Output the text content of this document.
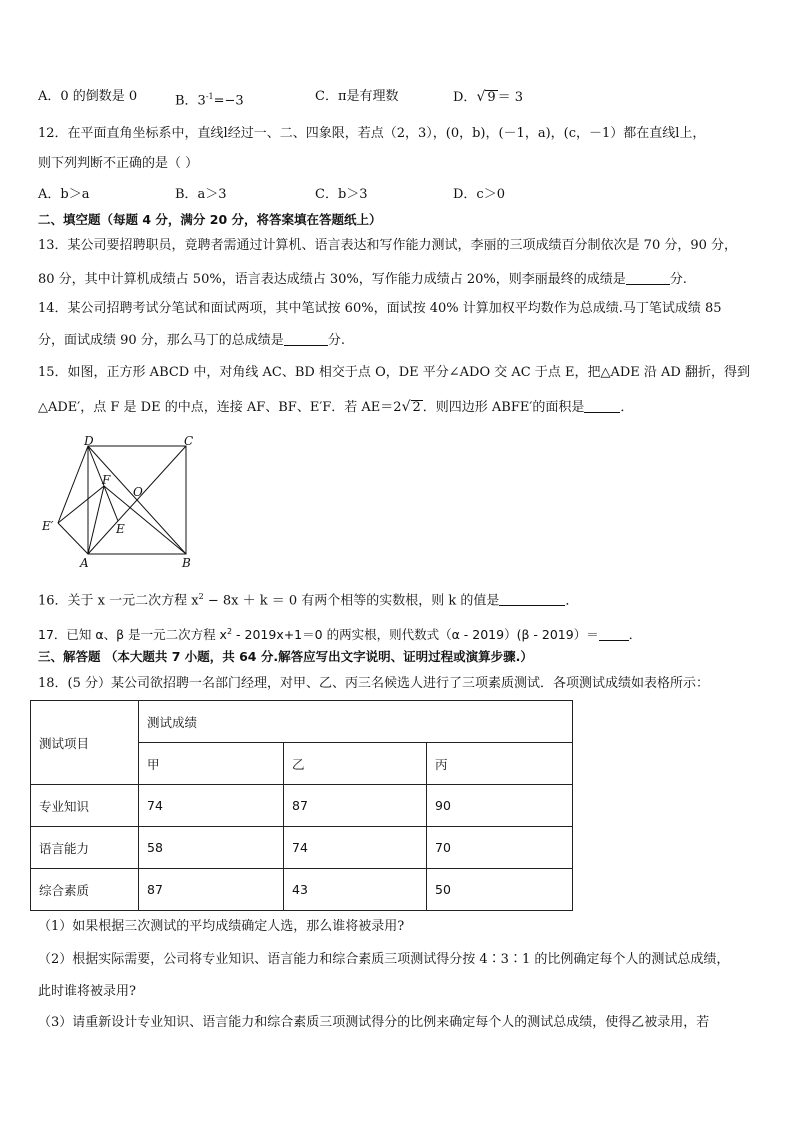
A．0 的倒数是 0	B．$3^{-1}=-3$	C．π是有理数	D．√ 9 ＝ 3
12．在平面直角坐标系中，直线l经过一、二、四象限，若点（2，3），(0，b)，(－1，a)，(c，－1）都在直线l上，
则下列判断不正确的是（ ）
A．b＞a	B．a＞3	C．b＞3	D．c＞0
二、填空题（每题 4 分，满分 20 分，将答案填在答题纸上）
13．某公司要招聘职员，竟聘者需通过计算机、语言表达和写作能力测试，李丽的三项成绩百分制依次是 70 分，90 分，
80 分，其中计算机成绩占 50%，语言表达成绩占 30%，写作能力成绩占 20%，则李丽最终的成绩是	分.
14．某公司招聘考试分笔试和面试两项，其中笔试按 60%，面试按 40% 计算加权平均数作为总成绩.马丁笔试成绩 85
分，面试成绩 90 分，那么马丁的总成绩是	分.
15．如图，正方形 ABCD 中，对角线 AC、BD 相交于点 O，DE 平分∠ADO 交 AC 于点 E，把△ADE 沿 AD 翻折，得到
△ADE′，点 F 是 DE 的中点，连接 AF、BF、E′F．若 AE＝2√ 2 ．则四边形 ABFE′的面积是	．
D	C
F
O
E′	E
A	B
16．关于 x 一元二次方程 $x^2 - 8x + k = 0$ 有两个相等的实数根，则 k 的值是	．
17．已知 α、β 是一元二次方程 $x^2 - 2019x+1=0$ 的两实根，则代数式（α - 2019）(β - 2019）＝ ．
三、解答题 （本大题共 7 小题，共 64 分.解答应写出文字说明、证明过程或演算步骤.）
18．(5 分）某公司欲招聘一名部门经理，对甲、乙、丙三名候选人进行了三项素质测试．各项测试成绩如表格所示：
测试项目	测试成绩		
	甲	乙	丙
专业知识	74	87	90
语言能力	58	74	70
综合素质	87	43	50
（1）如果根据三次测试的平均成绩确定人选，那么谁将被录用?
（2）根据实际需要，公司将专业知识、语言能力和综合素质三项测试得分按 4∶3∶1 的比例确定每个人的测试总成绩，
此时谁将被录用?
（3）请重新设计专业知识、语言能力和综合素质三项测试得分的比例来确定每个人的测试总成绩，使得乙被录用，若
